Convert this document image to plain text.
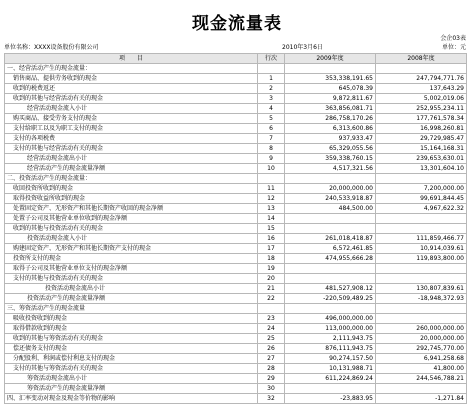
现金流量表
会企03表
单位名称：XXXX设备股份有限公司	2010年3月6日	单位：元
项　　目	行次	2009年度	2008年度
一、经营活动产生的现金流量：			
销售商品、提供劳务收到的现金	1	353,338,191.65	247,794,771.76
收到的税费返还	2	645,078.39	137,643.29
收到的其他与经营活动有关的现金	3	9,872,811.67	5,002,019.06
经营活动现金流入小计	4	363,856,081.71	252,955,234.11
购买商品、接受劳务支付的现金	5	286,758,170.26	177,761,578.34
支付给职工以及为职工支付的现金	6	6,313,600.86	16,998,260.81
支付的各项税费	7	937,933.47	29,729,985.47
支付的其他与经营活动有关的现金	8	65,329,055.56	15,164,168.31
经营活动现金流出小计	9	359,338,760.15	239,653,630.01
经营活动产生的现金流量净额	10	4,517,321.56	13,301,604.10
二、投资活动产生的现金流量：			
收回投资所收到的现金	11	20,000,000.00	7,200,000.00
取得投资收益所收到的现金	12	240,533,918.87	99,691,844.45
处置固定资产、无形资产和其他长期资产收回的现金净额	13	484,500.00	4,967,622.32
处置子公司及其他营业单位收到的现金净额	14		
收到的其他与投资活动有关的现金	15		
投资活动现金流入小计	16	261,018,418.87	111,859,466.77
购建固定资产、无形资产和其他长期资产支付的现金	17	6,572,461.85	10,914,039.61
投资所支付的现金	18	474,955,666.28	119,893,800.00
取得子公司及其他营业单位支付的现金净额	19		
支付的其他与投资活动有关的现金	20		
投资活动现金流出小计	21	481,527,908.12	130,807,839.61
投资活动产生的现金流量净额	22	-220,509,489.25	-18,948,372.93
三、筹资活动产生的现金流量			
吸收投资收到的现金	23	496,000,000.00	
取得借款收到的现金	24	113,000,000.00	260,000,000.00
收到的其他与筹资活动有关的现金	25	2,111,943.75	20,000,000.00
偿还债务支付的现金	26	876,111,943.75	292,745,770.00
分配股利、利润或偿付利息支付的现金	27	90,274,157.50	6,941,258.68
支付的其他与筹资活动有关的现金	28	10,131,988.71	41,800.00
筹资活动现金流出小计	29	611,224,869.24	244,546,788.21
筹资活动产生的现金流量净额	30		
四、汇率变动对现金及现金等价物的影响	32	-23,883.95	-1,271.84
